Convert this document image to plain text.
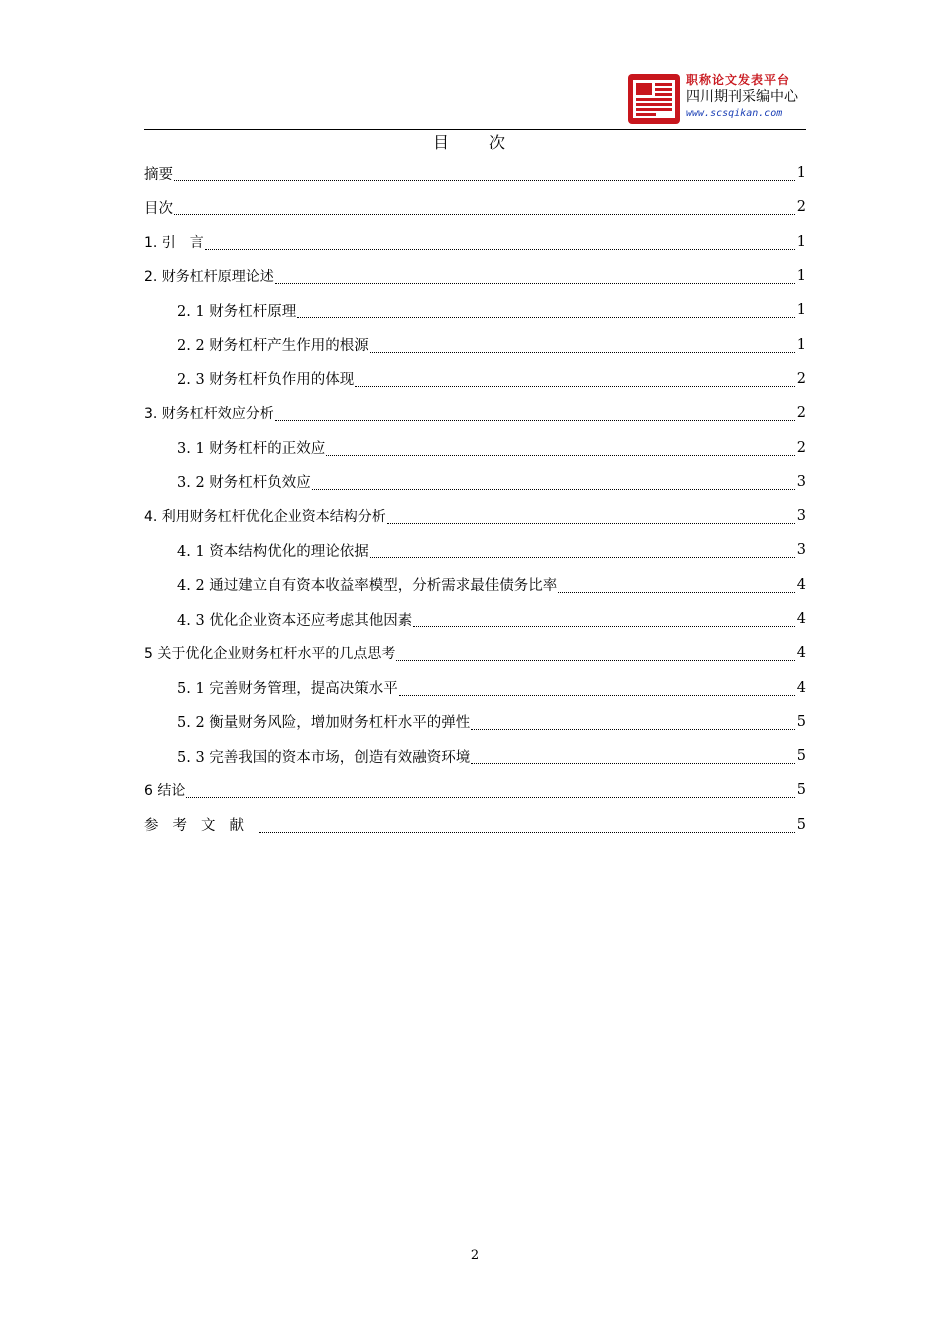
职称论文发表平台
四川期刊采编中心
www.scsqikan.com
目　次
摘要	1
目次	2
1. 引　言	1
2. 财务杠杆原理论述	1
2. 1 财务杠杆原理	1
2. 2 财务杠杆产生作用的根源	1
2. 3 财务杠杆负作用的体现	2
3. 财务杠杆效应分析	2
3. 1 财务杠杆的正效应	2
3. 2 财务杠杆负效应	3
4. 利用财务杠杆优化企业资本结构分析	3
4. 1 资本结构优化的理论依据	3
4. 2 通过建立自有资本收益率模型，分析需求最佳债务比率	4
4. 3 优化企业资本还应考虑其他因素	4
5 关于优化企业财务杠杆水平的几点思考	4
5. 1 完善财务管理，提高决策水平	4
5. 2 衡量财务风险，增加财务杠杆水平的弹性	5
5. 3 完善我国的资本市场，创造有效融资环境	5
6 结论	5
参考文献	5
2
